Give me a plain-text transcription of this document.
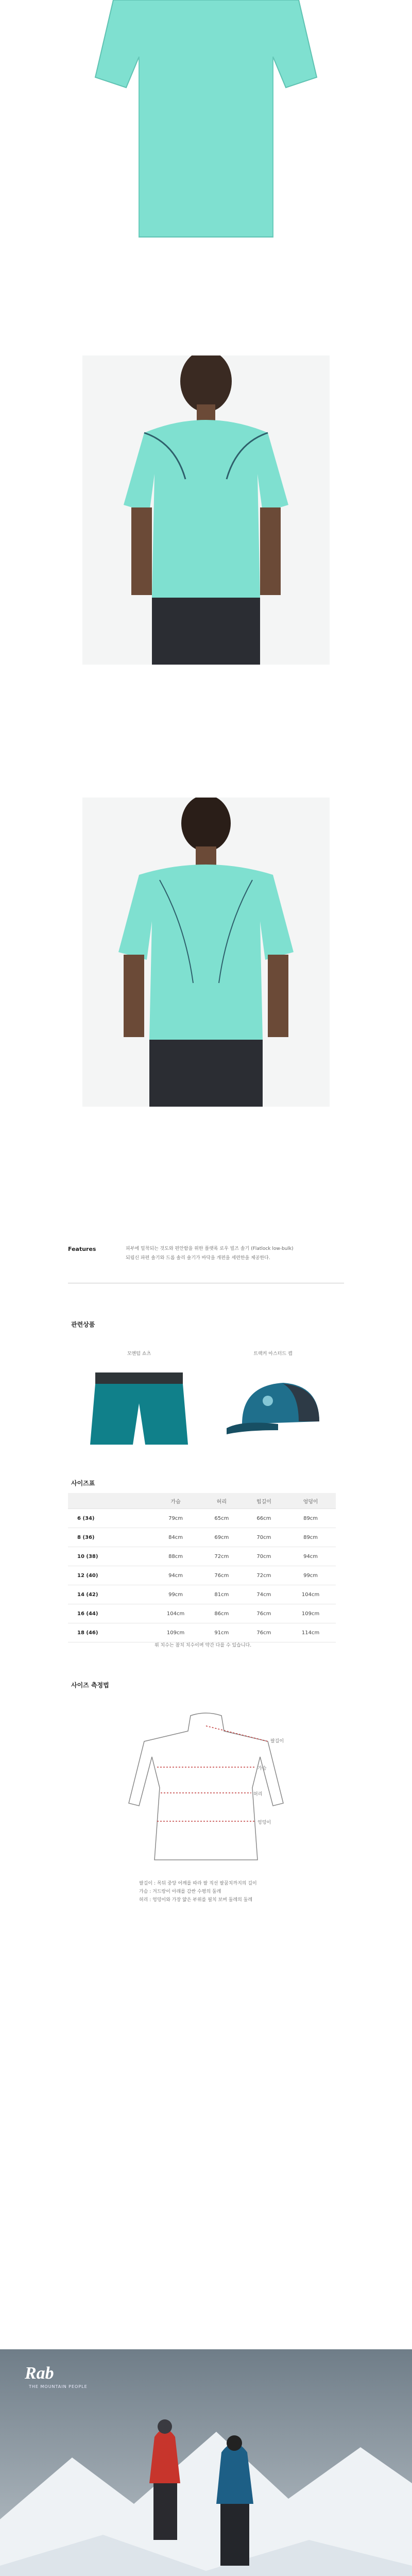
Features	피부에 밀착되는 것도와 편안함을 위한 플랫록 로우 빌즈 솔기 (Flatlock low-bulk)
되림신 파편 솔기와 드롭 솔리 숄기가 바닥을 개편을 세련한을 제공한다.
관련상품
모멘텀 쇼츠	트랙커 아스터드 캡
사이즈표
	가슴	허리	힙길이	엉덩이
6 (34)	79cm	65cm	66cm	89cm
8 (36)	84cm	69cm	70cm	89cm
10 (38)	88cm	72cm	70cm	94cm
12 (40)	94cm	76cm	72cm	99cm
14 (42)	99cm	81cm	74cm	104cm
16 (44)	104cm	86cm	76cm	109cm
18 (46)	109cm	91cm	76cm	114cm
위 치수는 참치 치수이며 약간 다를 수 있습니다.
사이즈 측정법
팔길이
가슴
허리
엉덩이
팔길이 : 목뒤 중앙 어깨를 따라 팔 직선 팔꿈치까지의 길이
가슴 : 겨드랑이 아래를 감싼 수평의 둘레
허리 : 엉덩이와 가장 얇은 부위를 필치 보며 둘레의 둘레
Rab
THE MOUNTAIN PEOPLE
